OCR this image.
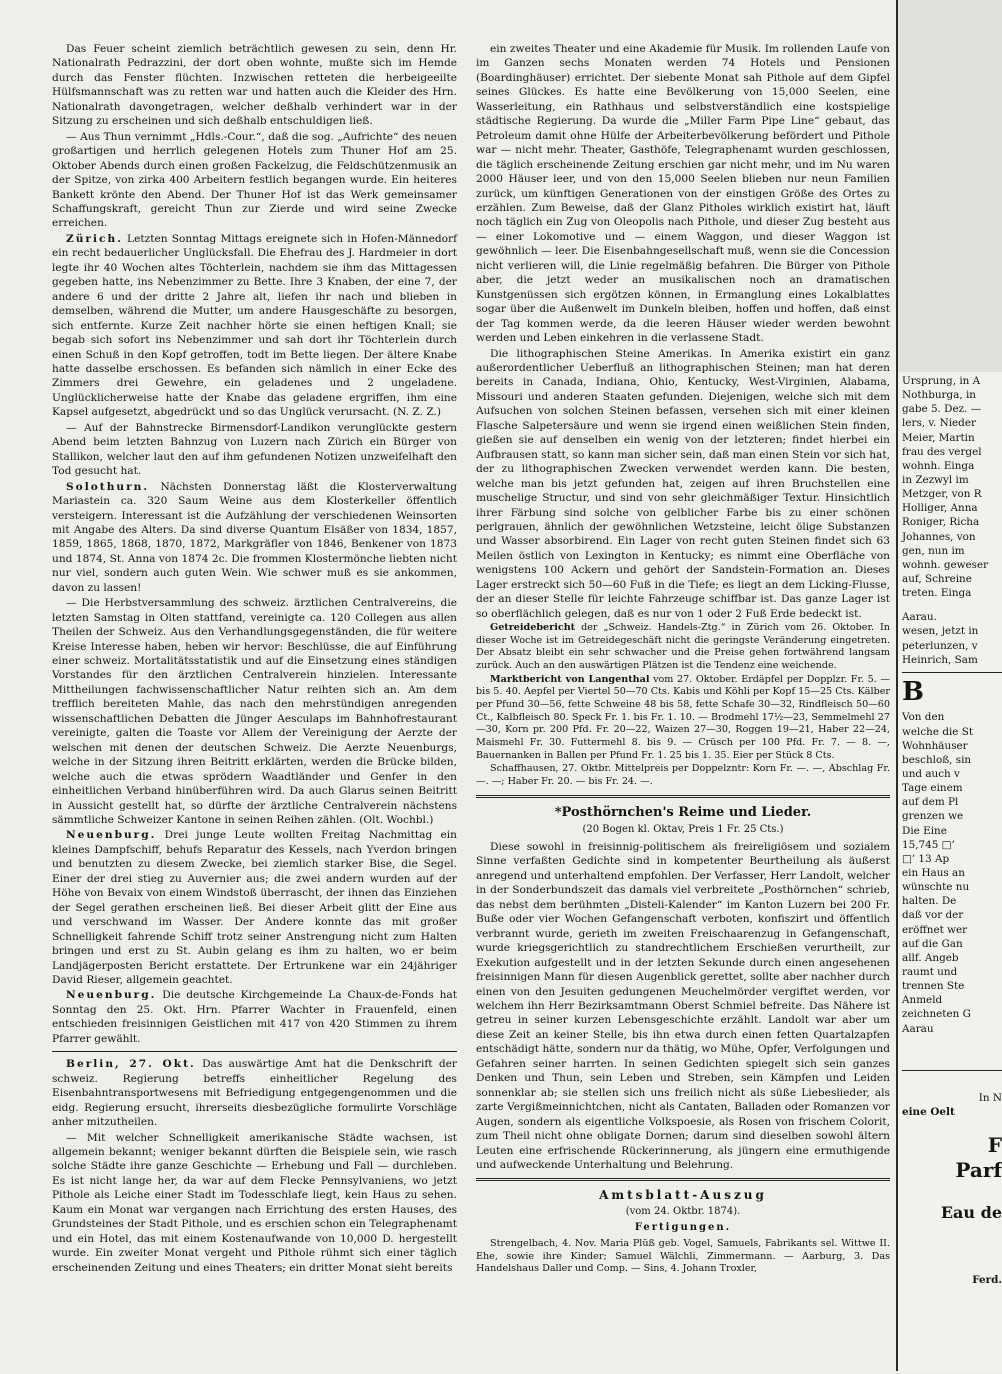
Das Feuer scheint ziemlich beträchtlich gewesen zu sein, denn Hr. Nationalrath Pedrazzini, der dort oben wohnte, mußte sich im Hemde durch das Fenster flüchten. Inzwischen retteten die herbeigeeilte Hülfsmannschaft was zu retten war und hatten auch die Kleider des Hrn. Nationalrath davongetragen, welcher deßhalb verhindert war in der Sitzung zu erscheinen und sich deßhalb entschuldigen ließ.

— Aus Thun vernimmt „Hdls.-Cour.“, daß die sog. „Aufrichte“ des neuen großartigen und herrlich gelegenen Hotels zum Thuner Hof am 25. Oktober Abends durch einen großen Fackelzug, die Feldschützenmusik an der Spitze, von zirka 400 Arbeitern festlich begangen wurde. Ein heiteres Bankett krönte den Abend. Der Thuner Hof ist das Werk gemeinsamer Schaffungskraft, gereicht Thun zur Zierde und wird seine Zwecke erreichen.

Zürich. Letzten Sonntag Mittags ereignete sich in Hofen-Männedorf ein recht bedauerlicher Unglücksfall. Die Ehefrau des J. Hardmeier in dort legte ihr 40 Wochen altes Töchterlein, nachdem sie ihm das Mittagessen gegeben hatte, ins Nebenzimmer zu Bette. Ihre 3 Knaben, der eine 7, der andere 6 und der dritte 2 Jahre alt, liefen ihr nach und blieben in demselben, während die Mutter, um andere Hausgeschäfte zu besorgen, sich entfernte. Kurze Zeit nachher hörte sie einen heftigen Knall; sie begab sich sofort ins Nebenzimmer und sah dort ihr Töchterlein durch einen Schuß in den Kopf getroffen, todt im Bette liegen. Der ältere Knabe hatte dasselbe erschossen. Es befanden sich nämlich in einer Ecke des Zimmers drei Gewehre, ein geladenes und 2 ungeladene. Unglücklicherweise hatte der Knabe das geladene ergriffen, ihm eine Kapsel aufgesetzt, abgedrückt und so das Unglück verursacht. (N. Z. Z.)

— Auf der Bahnstrecke Birmensdorf-Landikon verunglückte gestern Abend beim letzten Bahnzug von Luzern nach Zürich ein Bürger von Stallikon, welcher laut den auf ihm gefundenen Notizen unzweifelhaft den Tod gesucht hat.

Solothurn. Nächsten Donnerstag läßt die Klosterverwaltung Mariastein ca. 320 Saum Weine aus dem Klosterkeller öffentlich versteigern. Interessant ist die Aufzählung der verschiedenen Weinsorten mit Angabe des Alters. Da sind diverse Quantum Elsäßer von 1834, 1857, 1859, 1865, 1868, 1870, 1872, Markgräfler von 1846, Benkener von 1873 und 1874, St. Anna von 1874 2c. Die frommen Klostermönche liebten nicht nur viel, sondern auch guten Wein. Wie schwer muß es sie ankommen, davon zu lassen!

— Die Herbstversammlung des schweiz. ärztlichen Centralvereins, die letzten Samstag in Olten stattfand, vereinigte ca. 120 Collegen aus allen Theilen der Schweiz. Aus den Verhandlungsgegenständen, die für weitere Kreise Interesse haben, heben wir hervor: Beschlüsse, die auf Einführung einer schweiz. Mortalitätsstatistik und auf die Einsetzung eines ständigen Vorstandes für den ärztlichen Centralverein hinzielen. Interessante Mittheilungen fachwissenschaftlicher Natur reihten sich an. Am dem trefflich bereiteten Mahle, das nach den mehrstündigen anregenden wissenschaftlichen Debatten die Jünger Aesculaps im Bahnhofrestaurant vereinigte, galten die Toaste vor Allem der Vereinigung der Aerzte der welschen mit denen der deutschen Schweiz. Die Aerzte Neuenburgs, welche in der Sitzung ihren Beitritt erklärten, werden die Brücke bilden, welche auch die etwas sprödern Waadtländer und Genfer in den einheitlichen Verband hinüberführen wird. Da auch Glarus seinen Beitritt in Aussicht gestellt hat, so dürfte der ärztliche Centralverein nächstens sämmtliche Schweizer Kantone in seinen Reihen zählen. (Olt. Wochbl.)

Neuenburg. Drei junge Leute wollten Freitag Nachmittag ein kleines Dampfschiff, behufs Reparatur des Kessels, nach Yverdon bringen und benutzten zu diesem Zwecke, bei ziemlich starker Bise, die Segel. Einer der drei stieg zu Auvernier aus; die zwei andern wurden auf der Höhe von Bevaix von einem Windstoß überrascht, der ihnen das Einziehen der Segel gerathen erscheinen ließ. Bei dieser Arbeit glitt der Eine aus und verschwand im Wasser. Der Andere konnte das mit großer Schnelligkeit fahrende Schiff trotz seiner Anstrengung nicht zum Halten bringen und erst zu St. Aubin gelang es ihm zu halten, wo er beim Landjägerposten Bericht erstattete. Der Ertrunkene war ein 24jähriger David Rieser, allgemein geachtet.

Neuenburg. Die deutsche Kirchgemeinde La Chaux-de-Fonds hat Sonntag den 25. Okt. Hrn. Pfarrer Wachter in Frauenfeld, einen entschieden freisinnigen Geistlichen mit 417 von 420 Stimmen zu ihrem Pfarrer gewählt.

Berlin, 27. Okt. Das auswärtige Amt hat die Denkschrift der schweiz. Regierung betreffs einheitlicher Regelung des Eisenbahntransportwesens mit Befriedigung entgegengenommen und die eidg. Regierung ersucht, ihrerseits diesbezügliche formulirte Vorschläge anher mitzutheilen.

— Mit welcher Schnelligkeit amerikanische Städte wachsen, ist allgemein bekannt; weniger bekannt dürften die Beispiele sein, wie rasch solche Städte ihre ganze Geschichte — Erhebung und Fall — durchleben. Es ist nicht lange her, da war auf dem Flecke Pennsylvaniens, wo jetzt Pithole als Leiche einer Stadt im Todesschlafe liegt, kein Haus zu sehen. Kaum ein Monat war vergangen nach Errichtung des ersten Hauses, des Grundsteines der Stadt Pithole, und es erschien schon ein Telegraphenamt und ein Hotel, das mit einem Kostenaufwande von 10,000 D. hergestellt wurde. Ein zweiter Monat vergeht und Pithole rühmt sich einer täglich erscheinenden Zeitung und eines Theaters; ein dritter Monat sieht bereits

ein zweites Theater und eine Akademie für Musik. Im rollenden Laufe von im Ganzen sechs Monaten werden 74 Hotels und Pensionen (Boardinghäuser) errichtet. Der siebente Monat sah Pithole auf dem Gipfel seines Glückes. Es hatte eine Bevölkerung von 15,000 Seelen, eine Wasserleitung, ein Rathhaus und selbstverständlich eine kostspielige städtische Regierung. Da wurde die „Miller Farm Pipe Line“ gebaut, das Petroleum damit ohne Hülfe der Arbeiterbevölkerung befördert und Pithole war — nicht mehr. Theater, Gasthöfe, Telegraphenamt wurden geschlossen, die täglich erscheinende Zeitung erschien gar nicht mehr, und im Nu waren 2000 Häuser leer, und von den 15,000 Seelen blieben nur neun Familien zurück, um künftigen Generationen von der einstigen Größe des Ortes zu erzählen. Zum Beweise, daß der Glanz Pitholes wirklich existirt hat, läuft noch täglich ein Zug von Oleopolis nach Pithole, und dieser Zug besteht aus — einer Lokomotive und — einem Waggon, und dieser Waggon ist gewöhnlich — leer. Die Eisenbahngesellschaft muß, wenn sie die Concession nicht verlieren will, die Linie regelmäßig befahren. Die Bürger von Pithole aber, die jetzt weder an musikalischen noch an dramatischen Kunstgenüssen sich ergötzen können, in Ermanglung eines Lokalblattes sogar über die Außenwelt im Dunkeln bleiben, hoffen und hoffen, daß einst der Tag kommen werde, da die leeren Häuser wieder werden bewohnt werden und Leben einkehren in die verlassene Stadt.

Die lithographischen Steine Amerikas. In Amerika existirt ein ganz außerordentlicher Ueberfluß an lithographischen Steinen; man hat deren bereits in Canada, Indiana, Ohio, Kentucky, West-Virginien, Alabama, Missouri und anderen Staaten gefunden. Diejenigen, welche sich mit dem Aufsuchen von solchen Steinen befassen, versehen sich mit einer kleinen Flasche Salpetersäure und wenn sie irgend einen weißlichen Stein finden, gießen sie auf denselben ein wenig von der letzteren; findet hierbei ein Aufbrausen statt, so kann man sicher sein, daß man einen Stein vor sich hat, der zu lithographischen Zwecken verwendet werden kann. Die besten, welche man bis jetzt gefunden hat, zeigen auf ihren Bruchstellen eine muschelige Structur, und sind von sehr gleichmäßiger Textur. Hinsichtlich ihrer Färbung sind solche von gelblicher Farbe bis zu einer schönen perlgrauen, ähnlich der gewöhnlichen Wetzsteine, leicht ölige Substanzen und Wasser absorbirend. Ein Lager von recht guten Steinen findet sich 63 Meilen östlich von Lexington in Kentucky; es nimmt eine Oberfläche von wenigstens 100 Ackern und gehört der Sandstein-Formation an. Dieses Lager erstreckt sich 50—60 Fuß in die Tiefe; es liegt an dem Licking-Flusse, der an dieser Stelle für leichte Fahrzeuge schiffbar ist. Das ganze Lager ist so oberflächlich gelegen, daß es nur von 1 oder 2 Fuß Erde bedeckt ist.

Getreidebericht der „Schweiz. Handels-Ztg.“ in Zürich vom 26. Oktober. In dieser Woche ist im Getreidegeschäft nicht die geringste Veränderung eingetreten. Der Absatz bleibt ein sehr schwacher und die Preise gehen fortwährend langsam zurück. Auch an den auswärtigen Plätzen ist die Tendenz eine weichende.

Marktbericht von Langenthal vom 27. Oktober. Erdäpfel per Dopplzr. Fr. 5. — bis 5. 40. Aepfel per Viertel 50—70 Cts. Kabis und Köhli per Kopf 15—25 Cts. Kälber per Pfund 30—56, fette Schweine 48 bis 58, fette Schafe 30—32, Rindfleisch 50—60 Ct., Kalbfleisch 80. Speck Fr. 1. bis Fr. 1. 10. — Brodmehl 17½—23, Semmelmehl 27—30, Korn pr. 200 Pfd. Fr. 20—22, Waizen 27—30, Roggen 19—21, Haber 22—24, Maismehl Fr. 30. Futtermehl 8. bis 9. — Crüsch per 100 Pfd. Fr. 7. — 8. —, Bauernanken in Ballen per Pfund Fr. 1. 25 bis 1. 35. Eier per Stück 8 Cts.

Schaffhausen, 27. Oktbr. Mittelpreis per Doppelzntr: Korn Fr. —. —, Abschlag Fr. —. —; Haber Fr. 20. — bis Fr. 24. —.

*Posthörnchen's Reime und Lieder.

(20 Bogen kl. Oktav, Preis 1 Fr. 25 Cts.)

Diese sowohl in freisinnig-politischem als freireligiösem und sozialem Sinne verfaßten Gedichte sind in kompetenter Beurtheilung als äußerst anregend und unterhaltend empfohlen. Der Verfasser, Herr Landolt, welcher in der Sonderbundszeit das damals viel verbreitete „Posthörnchen“ schrieb, das nebst dem berühmten „Disteli-Kalender“ im Kanton Luzern bei 200 Fr. Buße oder vier Wochen Gefangenschaft verboten, konfiszirt und öffentlich verbrannt wurde, gerieth im zweiten Freischaarenzug in Gefangenschaft, wurde kriegsgerichtlich zu standrechtlichem Erschießen verurtheilt, zur Exekution aufgestellt und in der letzten Sekunde durch einen angesehenen freisinnigen Mann für diesen Augenblick gerettet, sollte aber nachher durch einen von den Jesuiten gedungenen Meuchelmörder vergiftet werden, vor welchem ihn Herr Bezirksamtmann Oberst Schmiel befreite. Das Nähere ist getreu in seiner kurzen Lebensgeschichte erzählt. Landolt war aber um diese Zeit an keiner Stelle, bis ihn etwa durch einen fetten Quartalzapfen entschädigt hätte, sondern nur da thätig, wo Mühe, Opfer, Verfolgungen und Gefahren seiner harrten. In seinen Gedichten spiegelt sich sein ganzes Denken und Thun, sein Leben und Streben, sein Kämpfen und Leiden sonnenklar ab; sie stellen sich uns freilich nicht als süße Liebeslieder, als zarte Vergißmeinnichtchen, nicht als Cantaten, Balladen oder Romanzen vor Augen, sondern als eigentliche Volkspoesie, als Rosen von frischem Colorit, zum Theil nicht ohne obligate Dornen; darum sind dieselben sowohl ältern Leuten eine erfrischende Rückerinnerung, als jüngern eine ermuthigende und aufweckende Unterhaltung und Belehrung.

Amtsblatt-Auszug

(vom 24. Oktbr. 1874).

Fertigungen.

Strengelbach, 4. Nov. Maria Plüß geb. Vogel, Samuels, Fabrikants sel. Wittwe II. Ehe, sowie ihre Kinder; Samuel Wälchli, Zimmermann. — Aarburg, 3. Das Handelshaus Daller und Comp. — Sins, 4. Johann Troxler,

Ursprung, in A

Nothburga, in

gabe 5. Dez. —

lers, v. Nieder

Meier, Martin

frau des vergel

wohnh. Einga

in Zezwyl im

Metzger, von R

Holliger, Anna

Roniger, Richa

Johannes, von

gen, nun im

wohnh. geweser

auf, Schreine

treten. Einga

Aarau.

wesen, jetzt in

peterlunzen, v

Heinrich, Sam

B

Von den

welche die St

Wohnhäuser

beschloß, sin

und auch v

Tage einem

auf dem Pl

grenzen we

Die Eine

15,745 □’

□’ 13 Ap

ein Haus an

wünschte nu

halten. De

daß vor der

eröffnet wer

auf die Gan

allf. Angeb

raumt und

trennen Ste

Anmeld

zeichneten G

Aarau

In N

eine Oelt

F

Parf

Eau de

Ferd.
